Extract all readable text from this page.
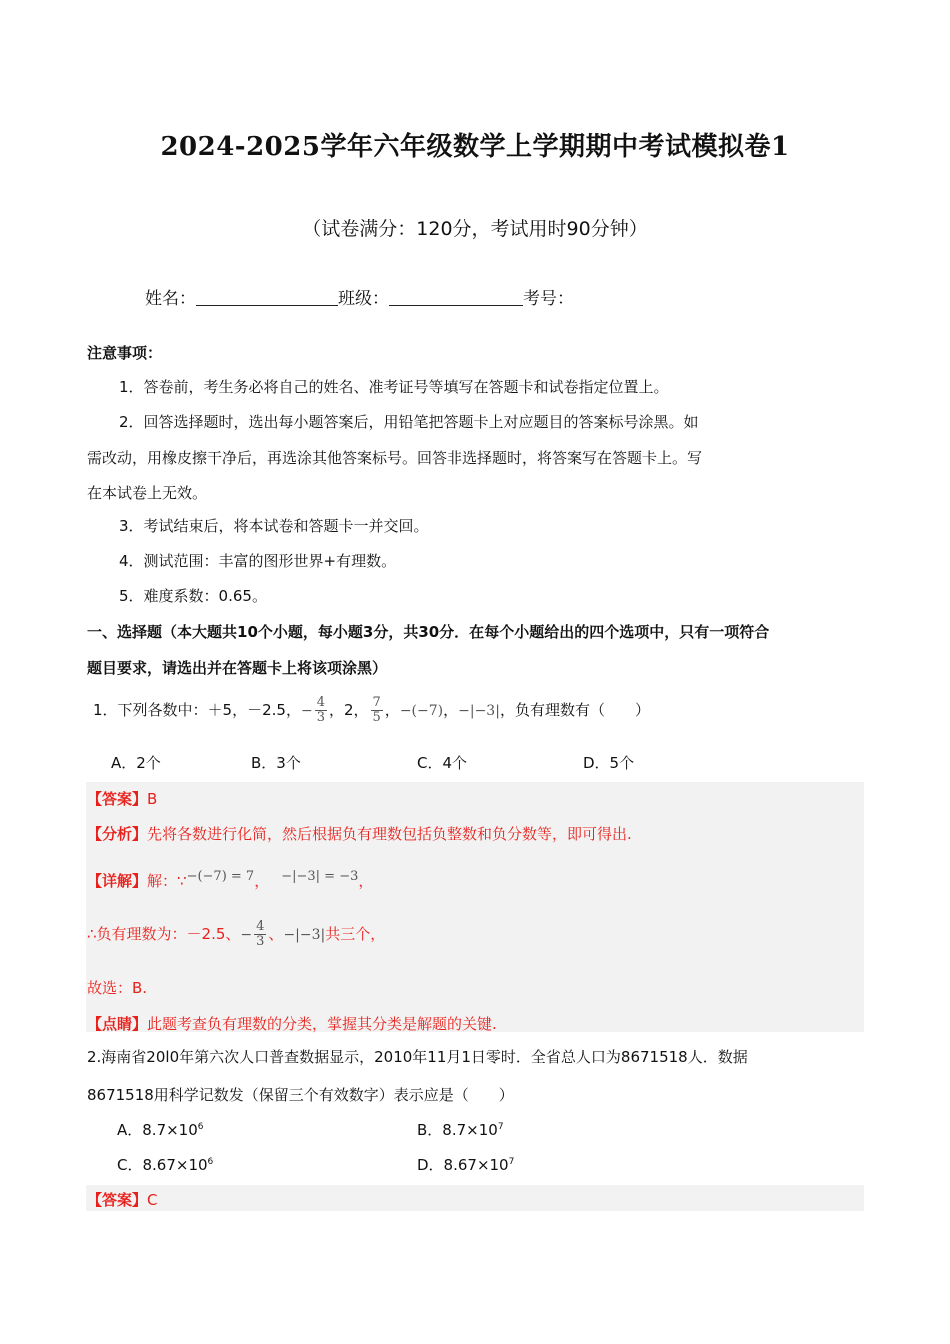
2024-2025学年六年级数学上学期期中考试模拟卷1
（试卷满分：120分，考试用时90分钟）
姓名：	班级：	考号：
注意事项：
1．答卷前，考生务必将自己的姓名、准考证号等填写在答题卡和试卷指定位置上。
2．回答选择题时，选出每小题答案后，用铅笔把答题卡上对应题目的答案标号涂黑。如
需改动，用橡皮擦干净后，再选涂其他答案标号。回答非选择题时，将答案写在答题卡上。写
在本试卷上无效。
3．考试结束后，将本试卷和答题卡一并交回。
4．测试范围：丰富的图形世界+有理数。
5．难度系数：0.65。
一、选择题（本大题共10个小题，每小题3分，共30分．在每个小题给出的四个选项中，只有一项符合
题目要求，请选出并在答题卡上将该项涂黑）
1．下列各数中：＋5，－2.5，− $\frac{4}{3}$ ，2， $\frac{7}{5}$ ，−(−7)，−|−3|，负有理数有（　　）
A．2个	B．3个	C．4个	D．5个
【答案】B
【分析】先将各数进行化简，然后根据负有理数包括负整数和负分数等，即可得出.
【详解】解：∵−(−7) = 7， −|−3| = −3，
∴负有理数为：－2.5、− $\frac{4}{3}$ 、−|−3|共三个，
故选：B.
【点睛】此题考查负有理数的分类，掌握其分类是解题的关键.
2.海南省20l0年第六次人口普查数据显示，2010年11月1日零时．全省总人口为8671518人．数据
8671518用科学记数发（保留三个有效数字）表示应是（　　）
A．$8.7\times 10^6$	B．$8.7\times 10^7$
C．$8.67\times 10^6$	D．$8.67\times 10^7$
【答案】C
